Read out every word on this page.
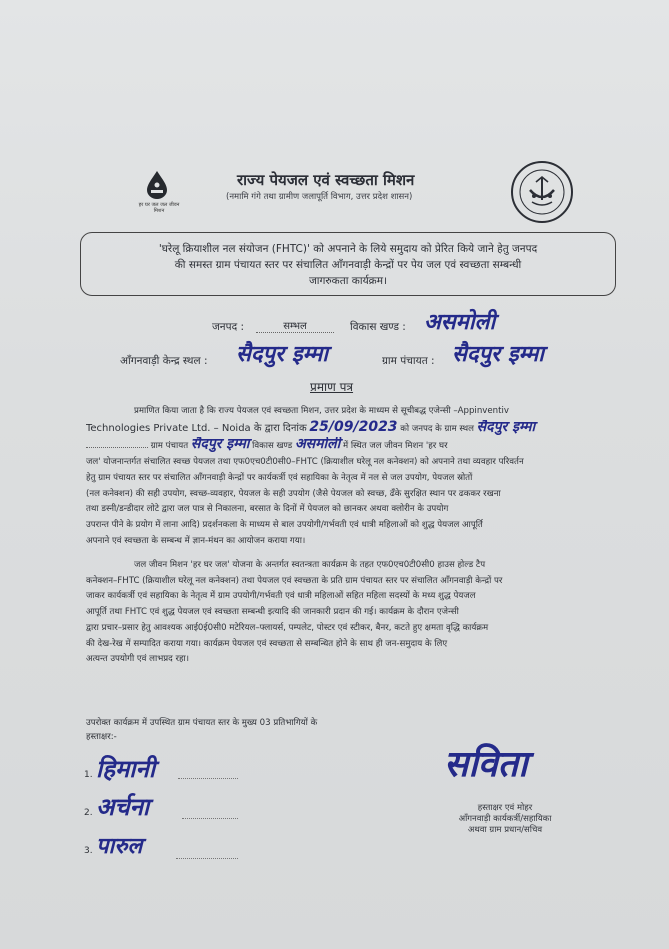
हर घर जल जल जीवन मिशन
राज्य पेयजल एवं स्वच्छता मिशन
(नमामि गंगे तथा ग्रामीण जलापूर्ति विभाग, उत्तर प्रदेश शासन)
'घरेलू क्रियाशील नल संयोजन (FHTC)' को अपनाने के लिये समुदाय को प्रेरित किये जाने हेतु जनपद
की समस्त ग्राम पंचायत स्तर पर संचालित आँगनवाड़ी केन्द्रों पर पेय जल एवं स्वच्छता सम्बन्धी
जागरुकता कार्यक्रम।
जनपद :	सम्भल	विकास खण्ड : असमोली
आँगनवाड़ी केन्द्र स्थल : सैदपुर इम्मा	ग्राम पंचायत : सैदपुर इम्मा
प्रमाण पत्र
प्रमाणित किया जाता है कि राज्य पेयजल एवं स्वच्छता मिशन, उत्तर प्रदेश के माध्यम से सूचीबद्ध एजेन्सी –Appinventiv
Technologies Private Ltd. – Noida के द्वारा दिनांक 25/09/2023 को जनपद के ग्राम स्थल सैदपुर इम्मा
ग्राम पंचायत सैदपुर इम्मा विकास खण्ड असमोली में स्थित जल जीवन मिशन 'हर घर
जल' योजनान्तर्गत संचालित स्वच्छ पेयजल तथा एफ0एच0टी0सी0–FHTC (क्रियाशील घरेलू नल कनेक्शन) को अपनाने तथा व्यवहार परिवर्तन
हेतु ग्राम पंचायत स्तर पर संचालित आँगनवाड़ी केन्द्रों पर कार्यकर्त्री एवं सहायिका के नेतृत्व में नल से जल उपयोग, पेयजल स्रोतों
(नल कनेक्शन) की सही उपयोग, स्वच्छ-व्यवहार, पेयजल के सही उपयोग (जैसे पेयजल को स्वच्छ, ढँके सुरक्षित स्थान पर ढककर रखना
तथा डस्नी/डन्डीदार लोटे द्वारा जल पात्र से निकालना, बरसात के दिनों में पेयजल को छानकर अथवा क्लोरीन के उपयोग
उपरान्त पीने के प्रयोग में लाना आदि) प्रदर्शनकला के माध्यम से बाल उपयोगी/गर्भवती एवं धात्री महिलाओं को शुद्ध पेयजल आपूर्ति
अपनाने एवं स्वच्छता के सम्बन्ध में ज्ञान-मंथन का आयोजन कराया गया।
जल जीवन मिशन 'हर घर जल' योजना के अन्तर्गत स्वतन्त्रता कार्यक्रम के तहत एफ0एच0टी0सी0 हाउस होल्ड टैप
कनेक्शन–FHTC (क्रियाशील घरेलू नल कनेक्शन) तथा पेयजल एवं स्वच्छता के प्रति ग्राम पंचायत स्तर पर संचालित आँगनवाड़ी केन्द्रों पर
जाकर कार्यकर्त्री एवं सहायिका के नेतृत्व में ग्राम उपयोगी/गर्भवती एवं धात्री महिलाओं सहित महिला सदस्यों के मध्य शुद्ध पेयजल
आपूर्ति तथा FHTC एवं शुद्ध पेयजल एवं स्वच्छता सम्बन्धी इत्यादि की जानकारी प्रदान की गई। कार्यक्रम के दौरान एजेन्सी
द्वारा प्रचार–प्रसार हेतु आवश्यक आई0ई0सी0 मटेरियल–फ्लायर्स, पम्पलेट, पोस्टर एवं स्टीकर, बैनर, कटते हुए क्षमता वृद्धि कार्यक्रम
की देख-रेख में सम्पादित कराया गया। कार्यक्रम पेयजल एवं स्वच्छता से सम्बन्धित होने के साथ ही जन-समुदाय के लिए
अत्यन्त उपयोगी एवं लाभप्रद रहा।
उपरोक्त कार्यक्रम में उपस्थित ग्राम पंचायत स्तर के मुख्य 03 प्रतिभागियों के
हस्ताक्षर:-
1. हिमानी
2. अर्चना
3. पारुल
सविता
हस्ताक्षर एवं मोहर
आँगनवाड़ी कार्यकर्त्री/सहायिका
अथवा ग्राम प्रधान/सचिव
